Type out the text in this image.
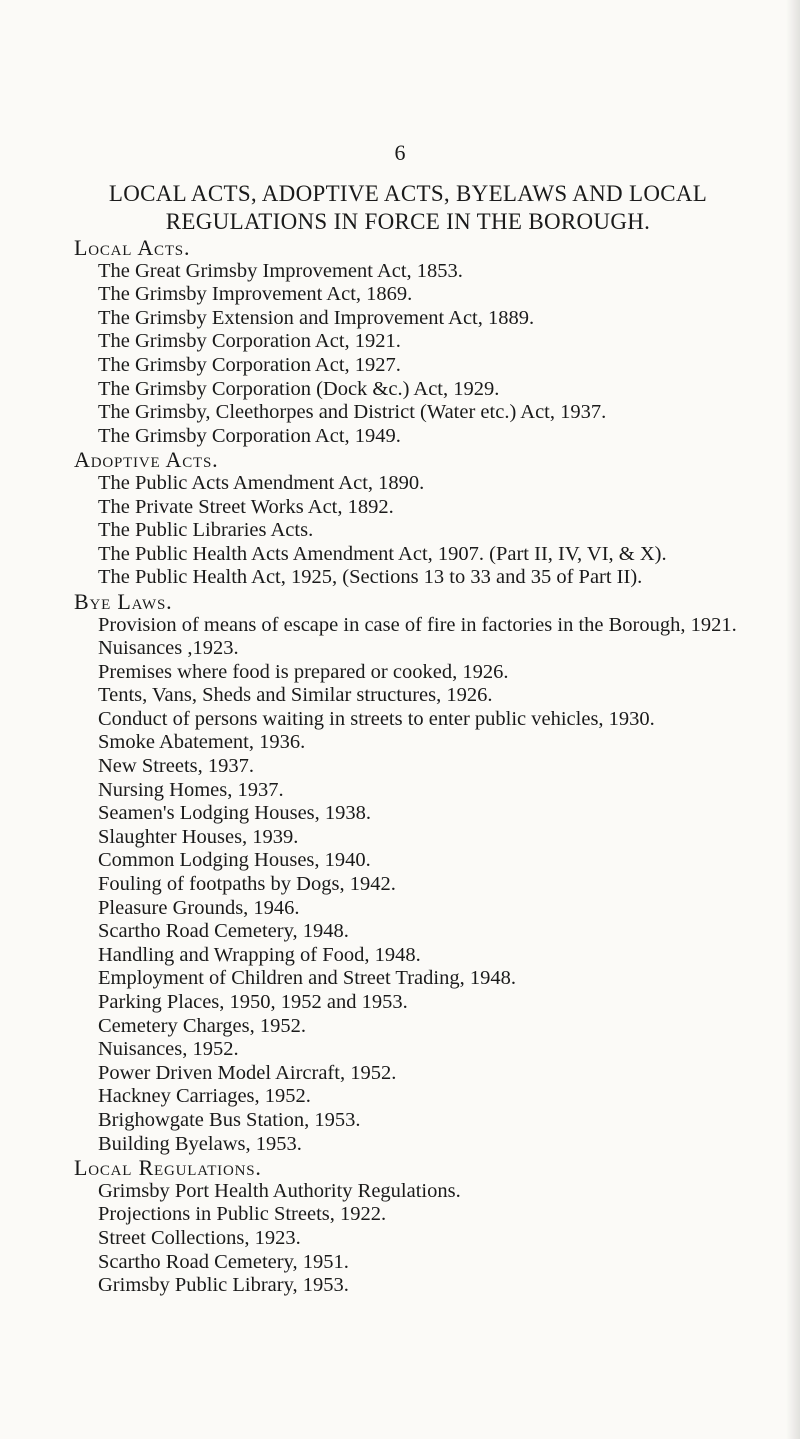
6
LOCAL ACTS, ADOPTIVE ACTS, BYELAWS AND LOCAL
REGULATIONS IN FORCE IN THE BOROUGH.
Local Acts.
The Great Grimsby Improvement Act, 1853.
The Grimsby Improvement Act, 1869.
The Grimsby Extension and Improvement Act, 1889.
The Grimsby Corporation Act, 1921.
The Grimsby Corporation Act, 1927.
The Grimsby Corporation (Dock &c.) Act, 1929.
The Grimsby, Cleethorpes and District (Water etc.) Act, 1937.
The Grimsby Corporation Act, 1949.
Adoptive Acts.
The Public Acts Amendment Act, 1890.
The Private Street Works Act, 1892.
The Public Libraries Acts.
The Public Health Acts Amendment Act, 1907. (Part II, IV, VI, & X).
The Public Health Act, 1925, (Sections 13 to 33 and 35 of Part II).
Bye Laws.
Provision of means of escape in case of fire in factories in the Borough, 1921.
Nuisances ,1923.
Premises where food is prepared or cooked, 1926.
Tents, Vans, Sheds and Similar structures, 1926.
Conduct of persons waiting in streets to enter public vehicles, 1930.
Smoke Abatement, 1936.
New Streets, 1937.
Nursing Homes, 1937.
Seamen's Lodging Houses, 1938.
Slaughter Houses, 1939.
Common Lodging Houses, 1940.
Fouling of footpaths by Dogs, 1942.
Pleasure Grounds, 1946.
Scartho Road Cemetery, 1948.
Handling and Wrapping of Food, 1948.
Employment of Children and Street Trading, 1948.
Parking Places, 1950, 1952 and 1953.
Cemetery Charges, 1952.
Nuisances, 1952.
Power Driven Model Aircraft, 1952.
Hackney Carriages, 1952.
Brighowgate Bus Station, 1953.
Building Byelaws, 1953.
Local Regulations.
Grimsby Port Health Authority Regulations.
Projections in Public Streets, 1922.
Street Collections, 1923.
Scartho Road Cemetery, 1951.
Grimsby Public Library, 1953.
